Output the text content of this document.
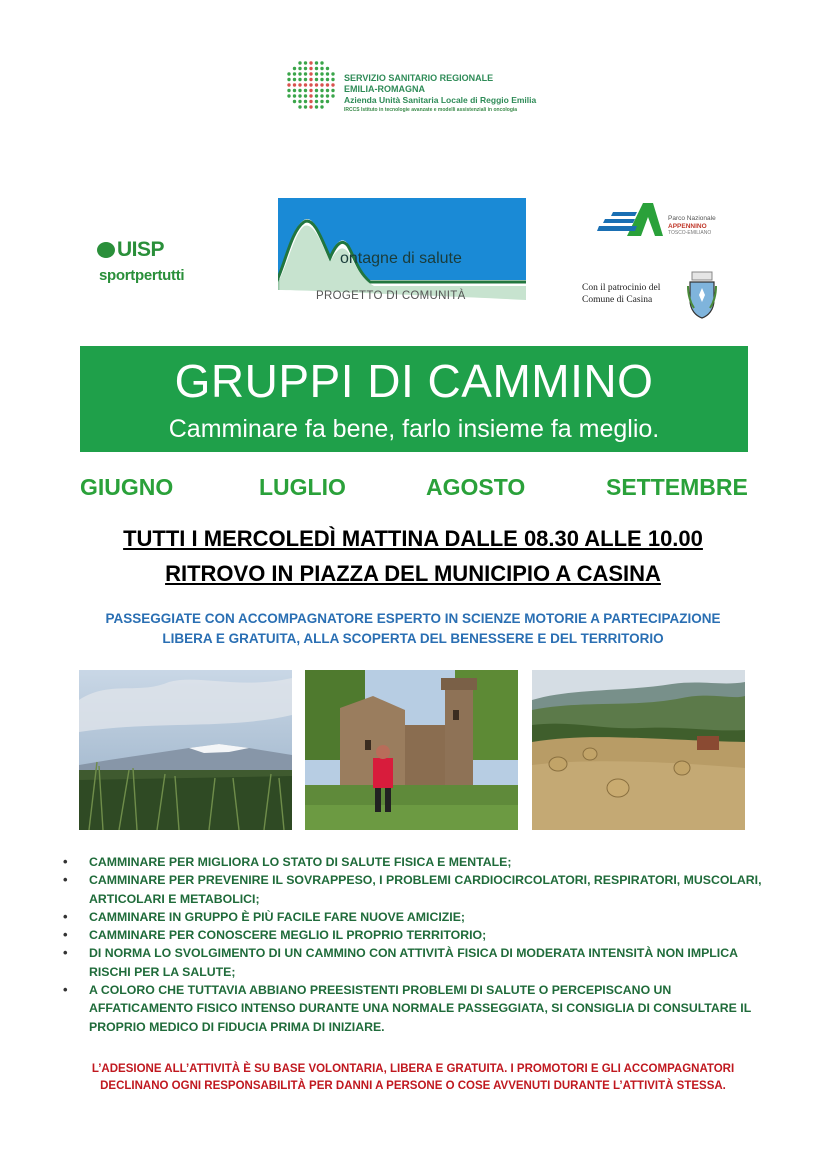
SERVIZIO SANITARIO REGIONALE
EMILIA-ROMAGNA
Azienda Unità Sanitaria Locale di Reggio Emilia
IRCCS Istituto in tecnologie avanzate e modelli assistenziali in oncologia
UISP
sportpertutti
ontagne di salute
PROGETTO DI COMUNITÀ
Parco Nazionale
APPENNINO
TOSCO-EMILIANO
Con il patrocinio del
Comune di Casina
GRUPPI DI CAMMINO
Camminare fa bene, farlo insieme fa meglio.
GIUGNO	LUGLIO	AGOSTO	SETTEMBRE
TUTTI I MERCOLEDÌ MATTINA DALLE 08.30 ALLE 10.00
RITROVO IN PIAZZA DEL MUNICIPIO A CASINA
PASSEGGIATE CON ACCOMPAGNATORE ESPERTO IN SCIENZE MOTORIE A PARTECIPAZIONE
LIBERA E GRATUITA, ALLA SCOPERTA DEL BENESSERE E DEL TERRITORIO
• CAMMINARE PER MIGLIORA LO STATO DI SALUTE FISICA E MENTALE;
• CAMMINARE PER PREVENIRE IL SOVRAPPESO, I PROBLEMI CARDIOCIRCOLATORI, RESPIRATORI, MUSCOLARI, ARTICOLARI E METABOLICI;
• CAMMINARE IN GRUPPO È PIÙ FACILE FARE NUOVE AMICIZIE;
• CAMMINARE PER CONOSCERE MEGLIO IL PROPRIO TERRITORIO;
• DI NORMA LO SVOLGIMENTO DI UN CAMMINO CON ATTIVITÀ FISICA DI MODERATA INTENSITÀ NON IMPLICA RISCHI PER LA SALUTE;
• A COLORO CHE TUTTAVIA ABBIANO PREESISTENTI PROBLEMI DI SALUTE O PERCEPISCANO UN AFFATICAMENTO FISICO INTENSO DURANTE UNA NORMALE PASSEGGIATA, SI CONSIGLIA DI CONSULTARE IL PROPRIO MEDICO DI FIDUCIA PRIMA DI INIZIARE.
L’ADESIONE ALL’ATTIVITÀ È SU BASE VOLONTARIA, LIBERA E GRATUITA. I PROMOTORI E GLI ACCOMPAGNATORI
DECLINANO OGNI RESPONSABILITÀ PER DANNI A PERSONE O COSE AVVENUTI DURANTE L’ATTIVITÀ STESSA.
